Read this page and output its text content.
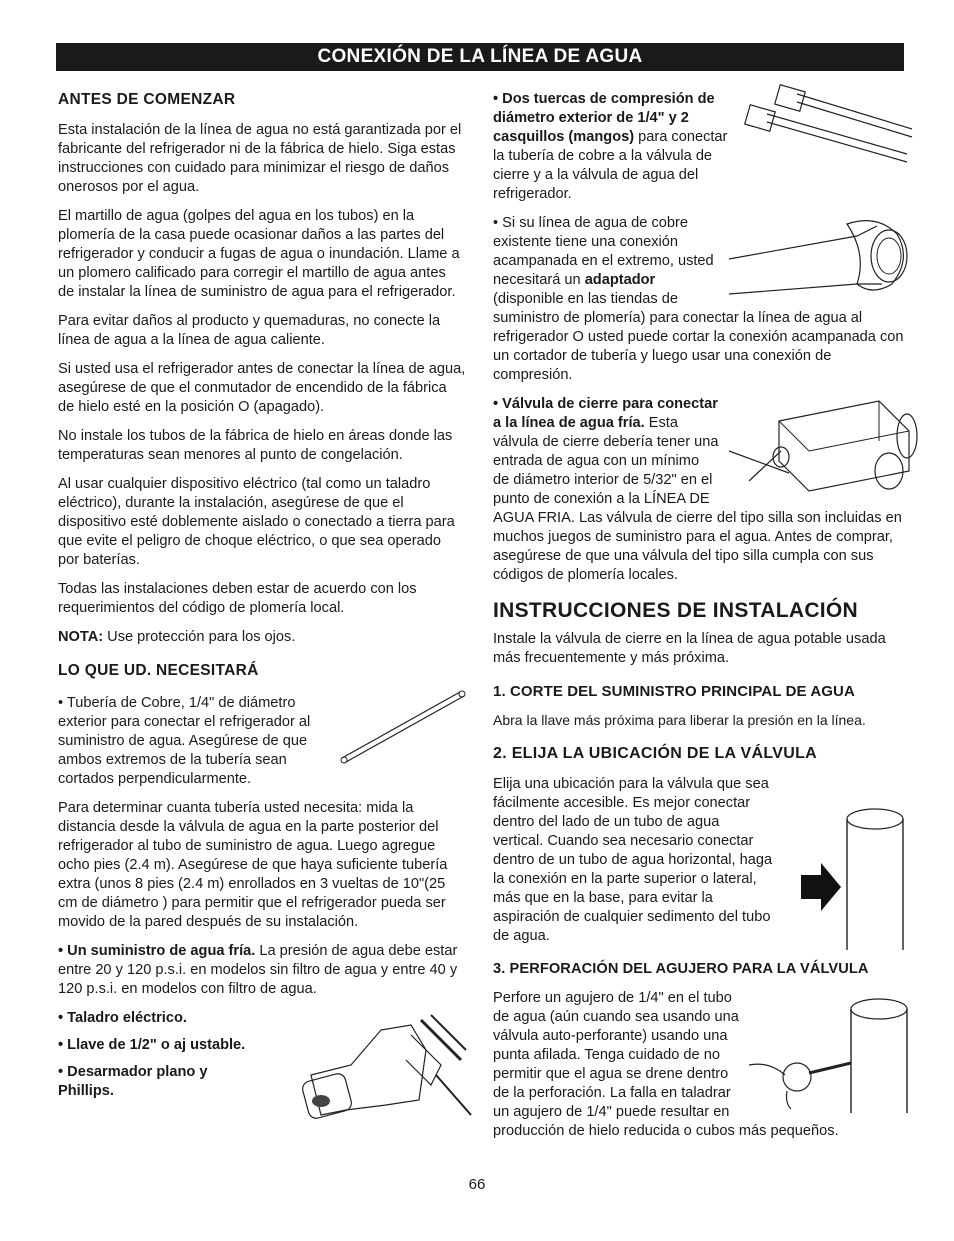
CONEXIÓN DE LA LÍNEA DE AGUA
ANTES DE COMENZAR

Esta instalación de la línea de agua no está garantizada por el fabricante del refrigerador ni de la fábrica de hielo. Siga estas instrucciones con cuidado para minimizar el riesgo de daños onerosos por el agua.

El martillo de agua (golpes del agua en los tubos) en la plomería de la casa puede ocasionar daños a las partes del refrigerador y conducir a fugas de agua o inundación. Llame a un plomero calificado para corregir el martillo de agua antes de instalar la línea de suministro de agua para el refrigerador.

Para evitar daños al producto y quemaduras, no conecte la línea de agua a la línea de agua caliente.

Si usted usa el refrigerador antes de conectar la línea de agua, asegúrese de que el conmutador de encendido de la fábrica de hielo esté en la posición O (apagado).

No instale los tubos de la fábrica de hielo en áreas donde las temperaturas sean menores al punto de congelación.

Al usar cualquier dispositivo eléctrico (tal como un taladro eléctrico), durante la instalación, asegúrese de que el dispositivo esté doblemente aislado o conectado a tierra para que evite el peligro de choque eléctrico, o que sea operado por baterías.

Todas las instalaciones deben estar de acuerdo con los requerimientos del código de plomería local.

NOTA: Use protección para los ojos.

LO QUE UD. NECESITARÁ

• Tubería de Cobre, 1/4" de diámetro exterior para conectar el refrigerador al suministro de agua. Asegúrese de que ambos extremos de la tubería sean cortados perpendicularmente.

Para determinar cuanta tubería usted necesita: mida la distancia desde la válvula de agua en la parte posterior del refrigerador al tubo de suministro de agua. Luego agregue ocho pies (2.4 m). Asegúrese de que haya suficiente tubería extra (unos 8 pies (2.4 m) enrollados en 3 vueltas de 10"(25 cm de diámetro ) para permitir que el refrigerador pueda ser movido de la pared después de su instalación.

• Un suministro de agua fría. La presión de agua debe estar entre 20 y 120 p.s.i. en modelos sin filtro de agua y entre 40 y 120 p.s.i. en modelos con filtro de agua.

• Taladro eléctrico.

• Llave de 1/2" o aj ustable.

• Desarmador plano y Phillips.

• Dos tuercas de compresión de diámetro exterior de 1/4" y 2 casquillos (mangos) para conectar la tubería de cobre a la válvula de cierre y a la válvula de agua del refrigerador.

• Si su línea de agua de cobre existente tiene una conexión acampanada en el extremo, usted necesitará un adaptador (disponible en las tiendas de suministro de plomería) para conectar la línea de agua al refrigerador O usted puede cortar la conexión acampanada con un cortador de tubería y luego usar una conexión de compresión.

• Válvula de cierre para conectar a la línea de agua fría. Esta válvula de cierre debería tener una entrada de agua con un mínimo de diámetro interior de 5/32" en el punto de conexión a la LÍNEA DE AGUA FRIA. Las válvula de cierre del tipo silla son incluidas en muchos juegos de suministro para el agua. Antes de comprar, asegúrese de que una válvula del tipo silla cumpla con sus códigos de plomería locales.

INSTRUCCIONES DE INSTALACIÓN

Instale la válvula de cierre en la línea de agua potable usada más frecuentemente y más próxima.

1. CORTE DEL SUMINISTRO PRINCIPAL DE AGUA

Abra la llave más próxima para liberar la presión en la línea.

2. ELIJA LA UBICACIÓN DE LA VÁLVULA

Elija una ubicación para la válvula que sea fácilmente accesible. Es mejor conectar dentro del lado de un tubo de agua vertical. Cuando sea necesario conectar dentro de un tubo de agua horizontal, haga la conexión en la parte superior o lateral, más que en la base, para evitar la aspiración de cualquier sedimento del tubo de agua.

3. PERFORACIÓN DEL AGUJERO PARA LA VÁLVULA

Perfore un agujero de 1/4" en el tubo de agua (aún cuando sea usando una válvula auto-perforante) usando una punta afilada. Tenga cuidado de no permitir que el agua se drene dentro de la perforación. La falla en taladrar un agujero de 1/4" puede resultar en producción de hielo reducida o cubos más pequeños.

66
